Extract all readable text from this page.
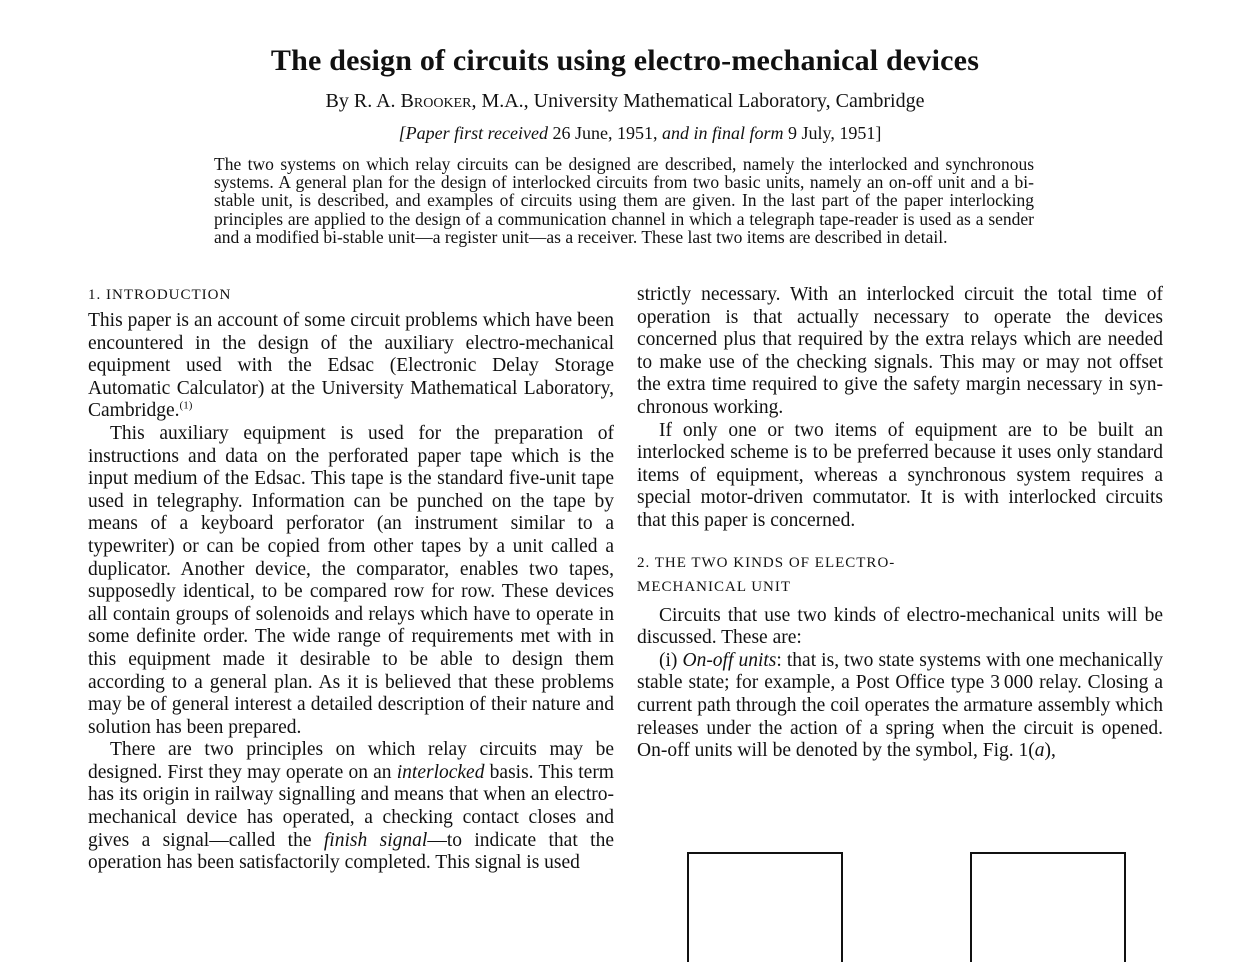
The design of circuits using electro-mechanical devices

By R. A. Brooker, M.A., University Mathematical Laboratory, Cambridge

[Paper first received 26 June, 1951, and in final form 9 July, 1951]

The two systems on which relay circuits can be designed are described, namely the interlocked and synchronous systems. A general plan for the design of interlocked circuits from two basic units, namely an on-off unit and a bi-stable unit, is described, and examples of circuits using them are given. In the last part of the paper interlocking principles are applied to the design of a communication channel in which a telegraph tape-reader is used as a sender and a modified bi-stable unit—a register unit—as a receiver. These last two items are described in detail.

1. INTRODUCTION

This paper is an account of some circuit problems which have been encountered in the design of the auxiliary electro-mechanical equipment used with the Edsac (Electronic Delay Storage Automatic Calculator) at the University Mathematical Laboratory, Cambridge.$^{(1)}$

This auxiliary equipment is used for the preparation of instructions and data on the perforated paper tape which is the input medium of the Edsac. This tape is the standard five-unit tape used in telegraphy. Information can be punched on the tape by means of a keyboard perforator (an instrument similar to a typewriter) or can be copied from other tapes by a unit called a duplicator. Another device, the comparator, enables two tapes, supposedly identical, to be compared row for row. These devices all contain groups of solenoids and relays which have to operate in some definite order. The wide range of requirements met with in this equipment made it desirable to be able to design them according to a general plan. As it is believed that these problems may be of general interest a detailed description of their nature and solution has been prepared.

There are two principles on which relay circuits may be designed. First they may operate on an interlocked basis. This term has its origin in railway signalling and means that when an electro-mechanical device has operated, a checking contact closes and gives a signal—called the finish signal—to indicate that the operation has been satisfactorily completed. This signal is used

strictly necessary. With an interlocked circuit the total time of operation is that actually necessary to operate the devices concerned plus that required by the extra relays which are needed to make use of the checking signals. This may or may not offset the extra time required to give the safety margin necessary in synchronous working.

If only one or two items of equipment are to be built an interlocked scheme is to be preferred because it uses only standard items of equipment, whereas a synchronous system requires a special motor-driven commutator. It is with interlocked circuits that this paper is concerned.

2. THE TWO KINDS OF ELECTRO-
MECHANICAL UNIT

Circuits that use two kinds of electro-mechanical units will be discussed. These are:

(i) On-off units: that is, two state systems with one mechanically stable state; for example, a Post Office type 3 000 relay. Closing a current path through the coil operates the armature assembly which releases under the action of a spring when the circuit is opened. On-off units will be denoted by the symbol, Fig. 1(a),
